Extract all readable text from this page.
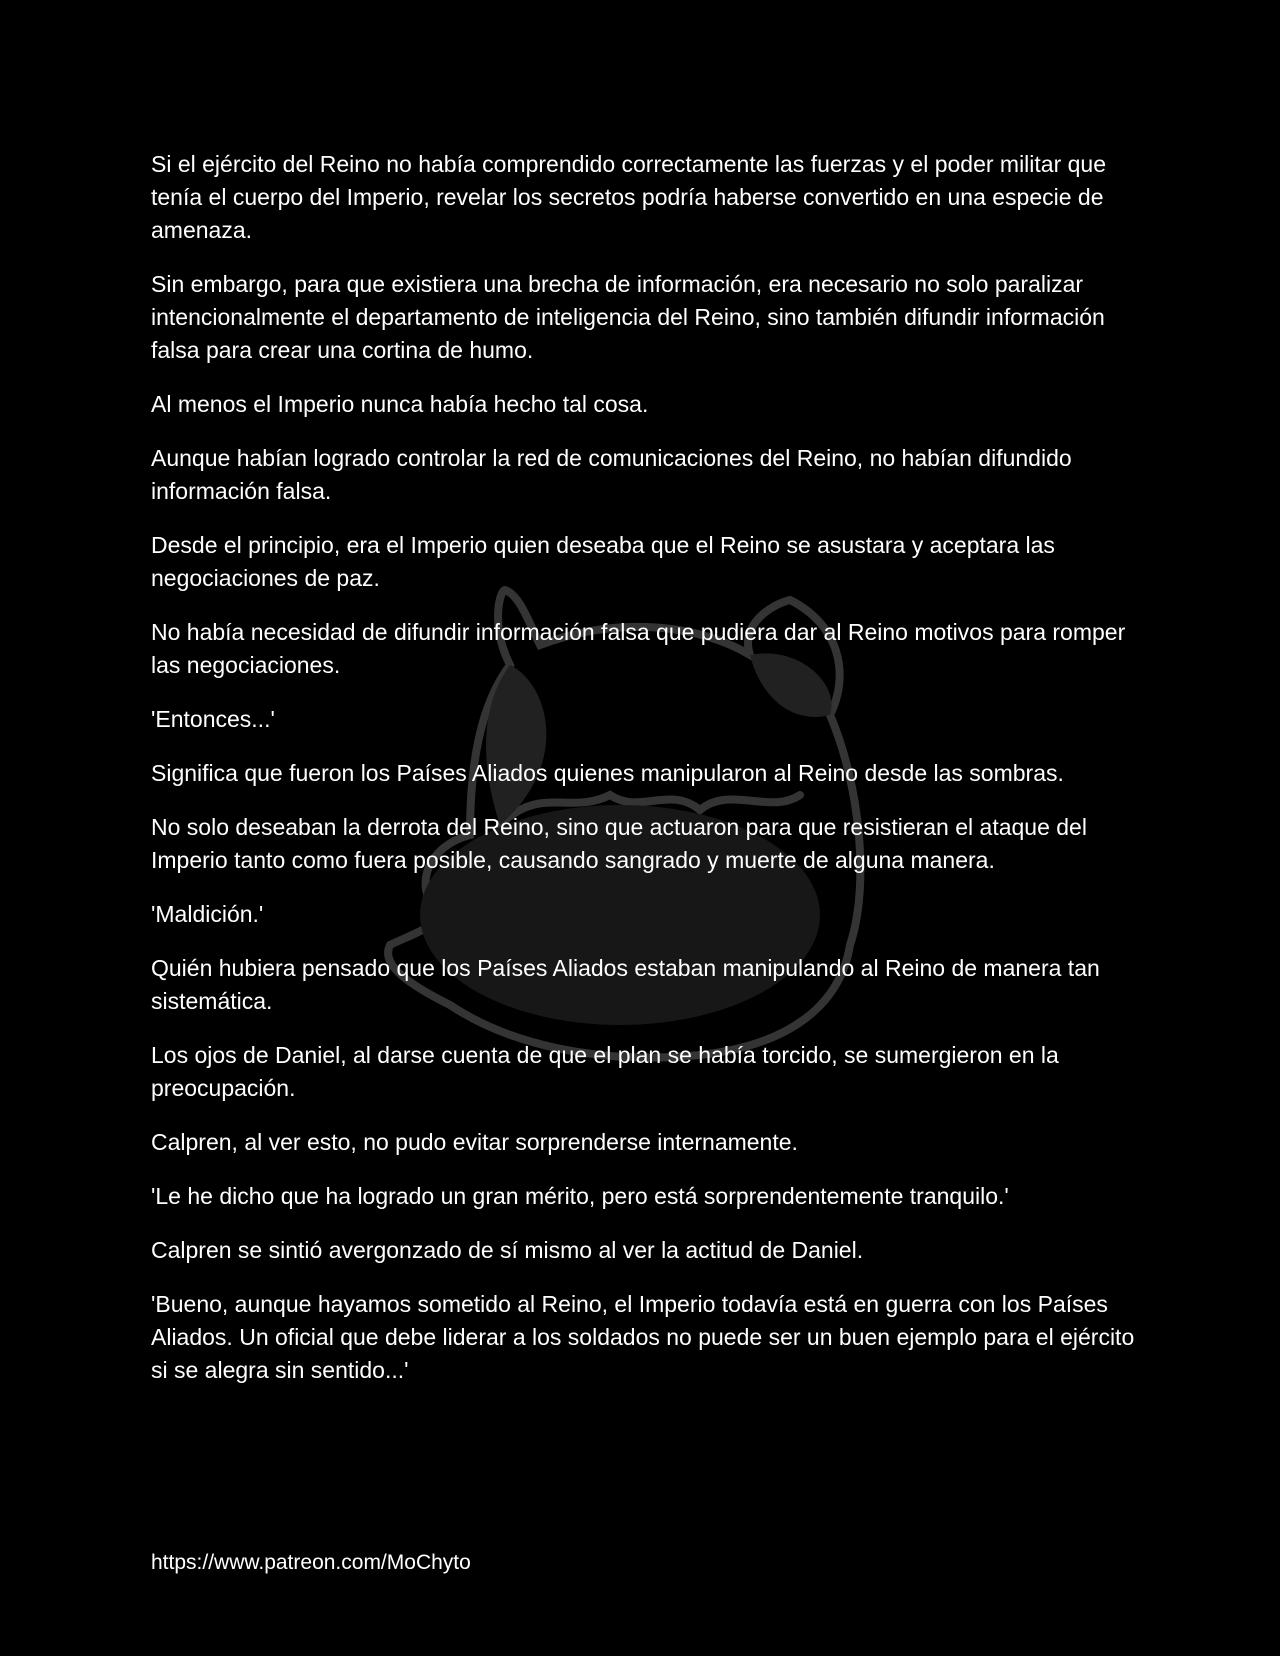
Si el ejército del Reino no había comprendido correctamente las fuerzas y el poder militar que tenía el cuerpo del Imperio, revelar los secretos podría haberse convertido en una especie de amenaza.

Sin embargo, para que existiera una brecha de información, era necesario no solo paralizar intencionalmente el departamento de inteligencia del Reino, sino también difundir información falsa para crear una cortina de humo.

Al menos el Imperio nunca había hecho tal cosa.

Aunque habían logrado controlar la red de comunicaciones del Reino, no habían difundido información falsa.

Desde el principio, era el Imperio quien deseaba que el Reino se asustara y aceptara las negociaciones de paz.

No había necesidad de difundir información falsa que pudiera dar al Reino motivos para romper las negociaciones.

'Entonces...'

Significa que fueron los Países Aliados quienes manipularon al Reino desde las sombras.

No solo deseaban la derrota del Reino, sino que actuaron para que resistieran el ataque del Imperio tanto como fuera posible, causando sangrado y muerte de alguna manera.

'Maldición.'

Quién hubiera pensado que los Países Aliados estaban manipulando al Reino de manera tan sistemática.

Los ojos de Daniel, al darse cuenta de que el plan se había torcido, se sumergieron en la preocupación.

Calpren, al ver esto, no pudo evitar sorprenderse internamente.

'Le he dicho que ha logrado un gran mérito, pero está sorprendentemente tranquilo.'

Calpren se sintió avergonzado de sí mismo al ver la actitud de Daniel.

'Bueno, aunque hayamos sometido al Reino, el Imperio todavía está en guerra con los Países Aliados. Un oficial que debe liderar a los soldados no puede ser un buen ejemplo para el ejército si se alegra sin sentido...'

https://www.patreon.com/MoChyto
